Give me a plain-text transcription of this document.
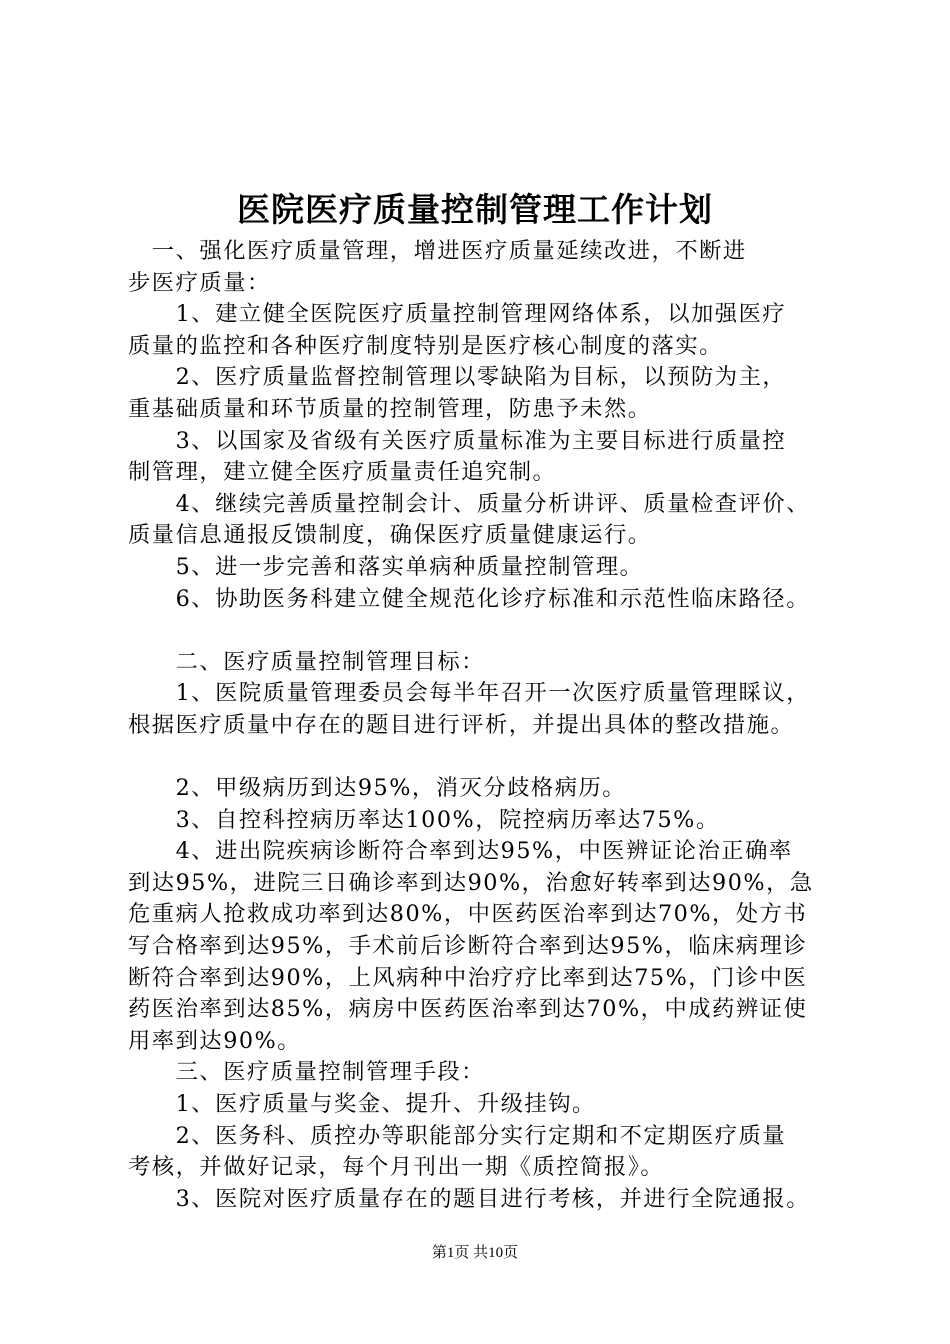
医院医疗质量控制管理工作计划

　一、强化医疗质量管理，增进医疗质量延续改进，不断进

步医疗质量：

　　1、建立健全医院医疗质量控制管理网络体系，以加强医疗

质量的监控和各种医疗制度特别是医疗核心制度的落实。

　　2、医疗质量监督控制管理以零缺陷为目标，以预防为主，

重基础质量和环节质量的控制管理，防患予未然。

　　3、以国家及省级有关医疗质量标准为主要目标进行质量控

制管理，建立健全医疗质量责任追究制。

　　4、继续完善质量控制会计、质量分析讲评、质量检查评价、

质量信息通报反馈制度，确保医疗质量健康运行。

　　5、进一步完善和落实单病种质量控制管理。

　　6、协助医务科建立健全规范化诊疗标准和示范性临床路径。

　　二、医疗质量控制管理目标：

　　1、医院质量管理委员会每半年召开一次医疗质量管理睬议，

根据医疗质量中存在的题目进行评析，并提出具体的整改措施。

　　2、甲级病历到达95%，消灭分歧格病历。

　　3、自控科控病历率达100%，院控病历率达75%。

　　4、进出院疾病诊断符合率到达95%，中医辨证论治正确率

到达95%，进院三日确诊率到达90%，治愈好转率到达90%，急

危重病人抢救成功率到达80%，中医药医治率到达70%，处方书

写合格率到达95%，手术前后诊断符合率到达95%，临床病理诊

断符合率到达90%，上风病种中治疗疗比率到达75%，门诊中医

药医治率到达85%，病房中医药医治率到达70%，中成药辨证使

用率到达90%。

　　三、医疗质量控制管理手段：

　　1、医疗质量与奖金、提升、升级挂钩。

　　2、医务科、质控办等职能部分实行定期和不定期医疗质量

考核，并做好记录，每个月刊出一期《质控简报》。

　　3、医院对医疗质量存在的题目进行考核，并进行全院通报。

第1页 共10页
